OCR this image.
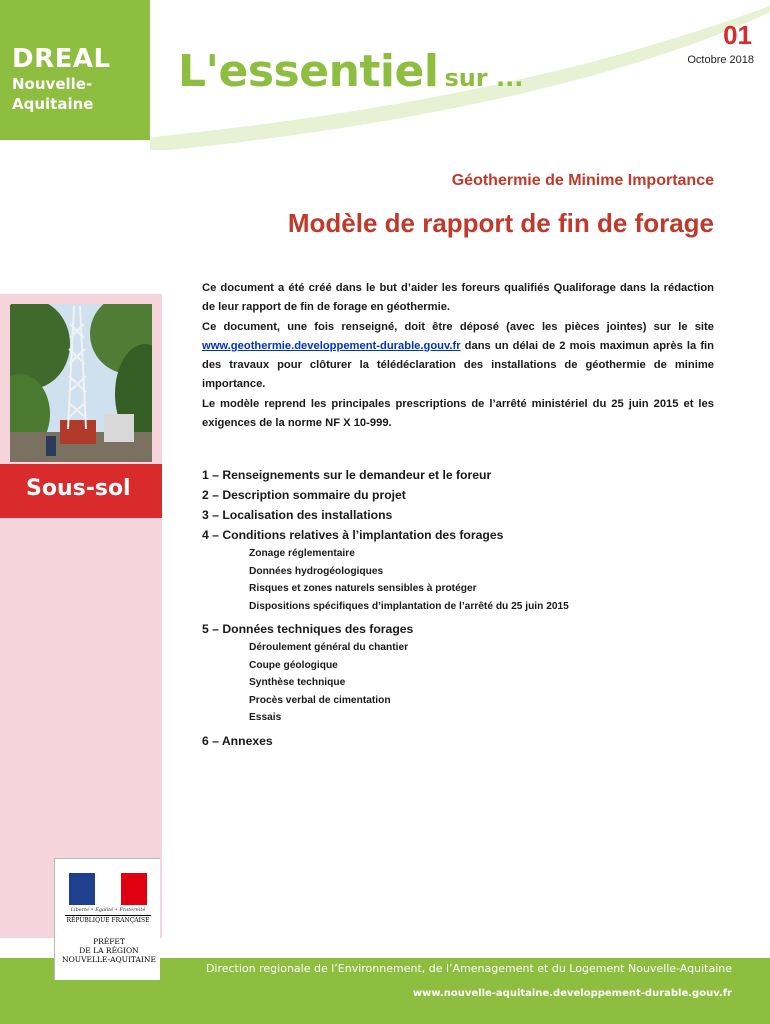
DREAL
Nouvelle-
Aquitaine
L'essentiel sur ...
01
Octobre 2018
Géothermie de Minime Importance
Modèle de rapport de fin de forage
Sous-sol

Ce document a été créé dans le but d’aider les foreurs qualifiés Qualiforage dans la rédaction de leur rapport de fin de forage en géothermie.

Ce document, une fois renseigné, doit être déposé (avec les pièces jointes) sur le site www.geothermie.developpement-durable.gouv.fr dans un délai de 2 mois maximun après la fin des travaux pour clôturer la télédéclaration des installations de géothermie de minime importance.

Le modèle reprend les principales prescriptions de l’arrêté ministériel du 25 juin 2015 et les exigences de la norme NF X 10-999.

1 – Renseignements sur le demandeur et le foreur
2 – Description sommaire du projet
3 – Localisation des installations
4 – Conditions relatives à l’implantation des forages
Zonage réglementaire
Données hydrogéologiques
Risques et zones naturels sensibles à protéger
Dispositions spécifiques d’implantation de l’arrêté du 25 juin 2015
5 – Données techniques des forages
Déroulement général du chantier
Coupe géologique
Synthèse technique
Procès verbal de cimentation
Essais
6 – Annexes
Direction regionale de l’Environnement, de l’Amenagement et du Logement Nouvelle-Aquitaine
www.nouvelle-aquitaine.developpement-durable.gouv.fr
Liberté • Égalité • Fraternité
RÉPUBLIQUE FRANÇAISE
PRÉFET
DE LA RÉGION
NOUVELLE-AQUITAINE
